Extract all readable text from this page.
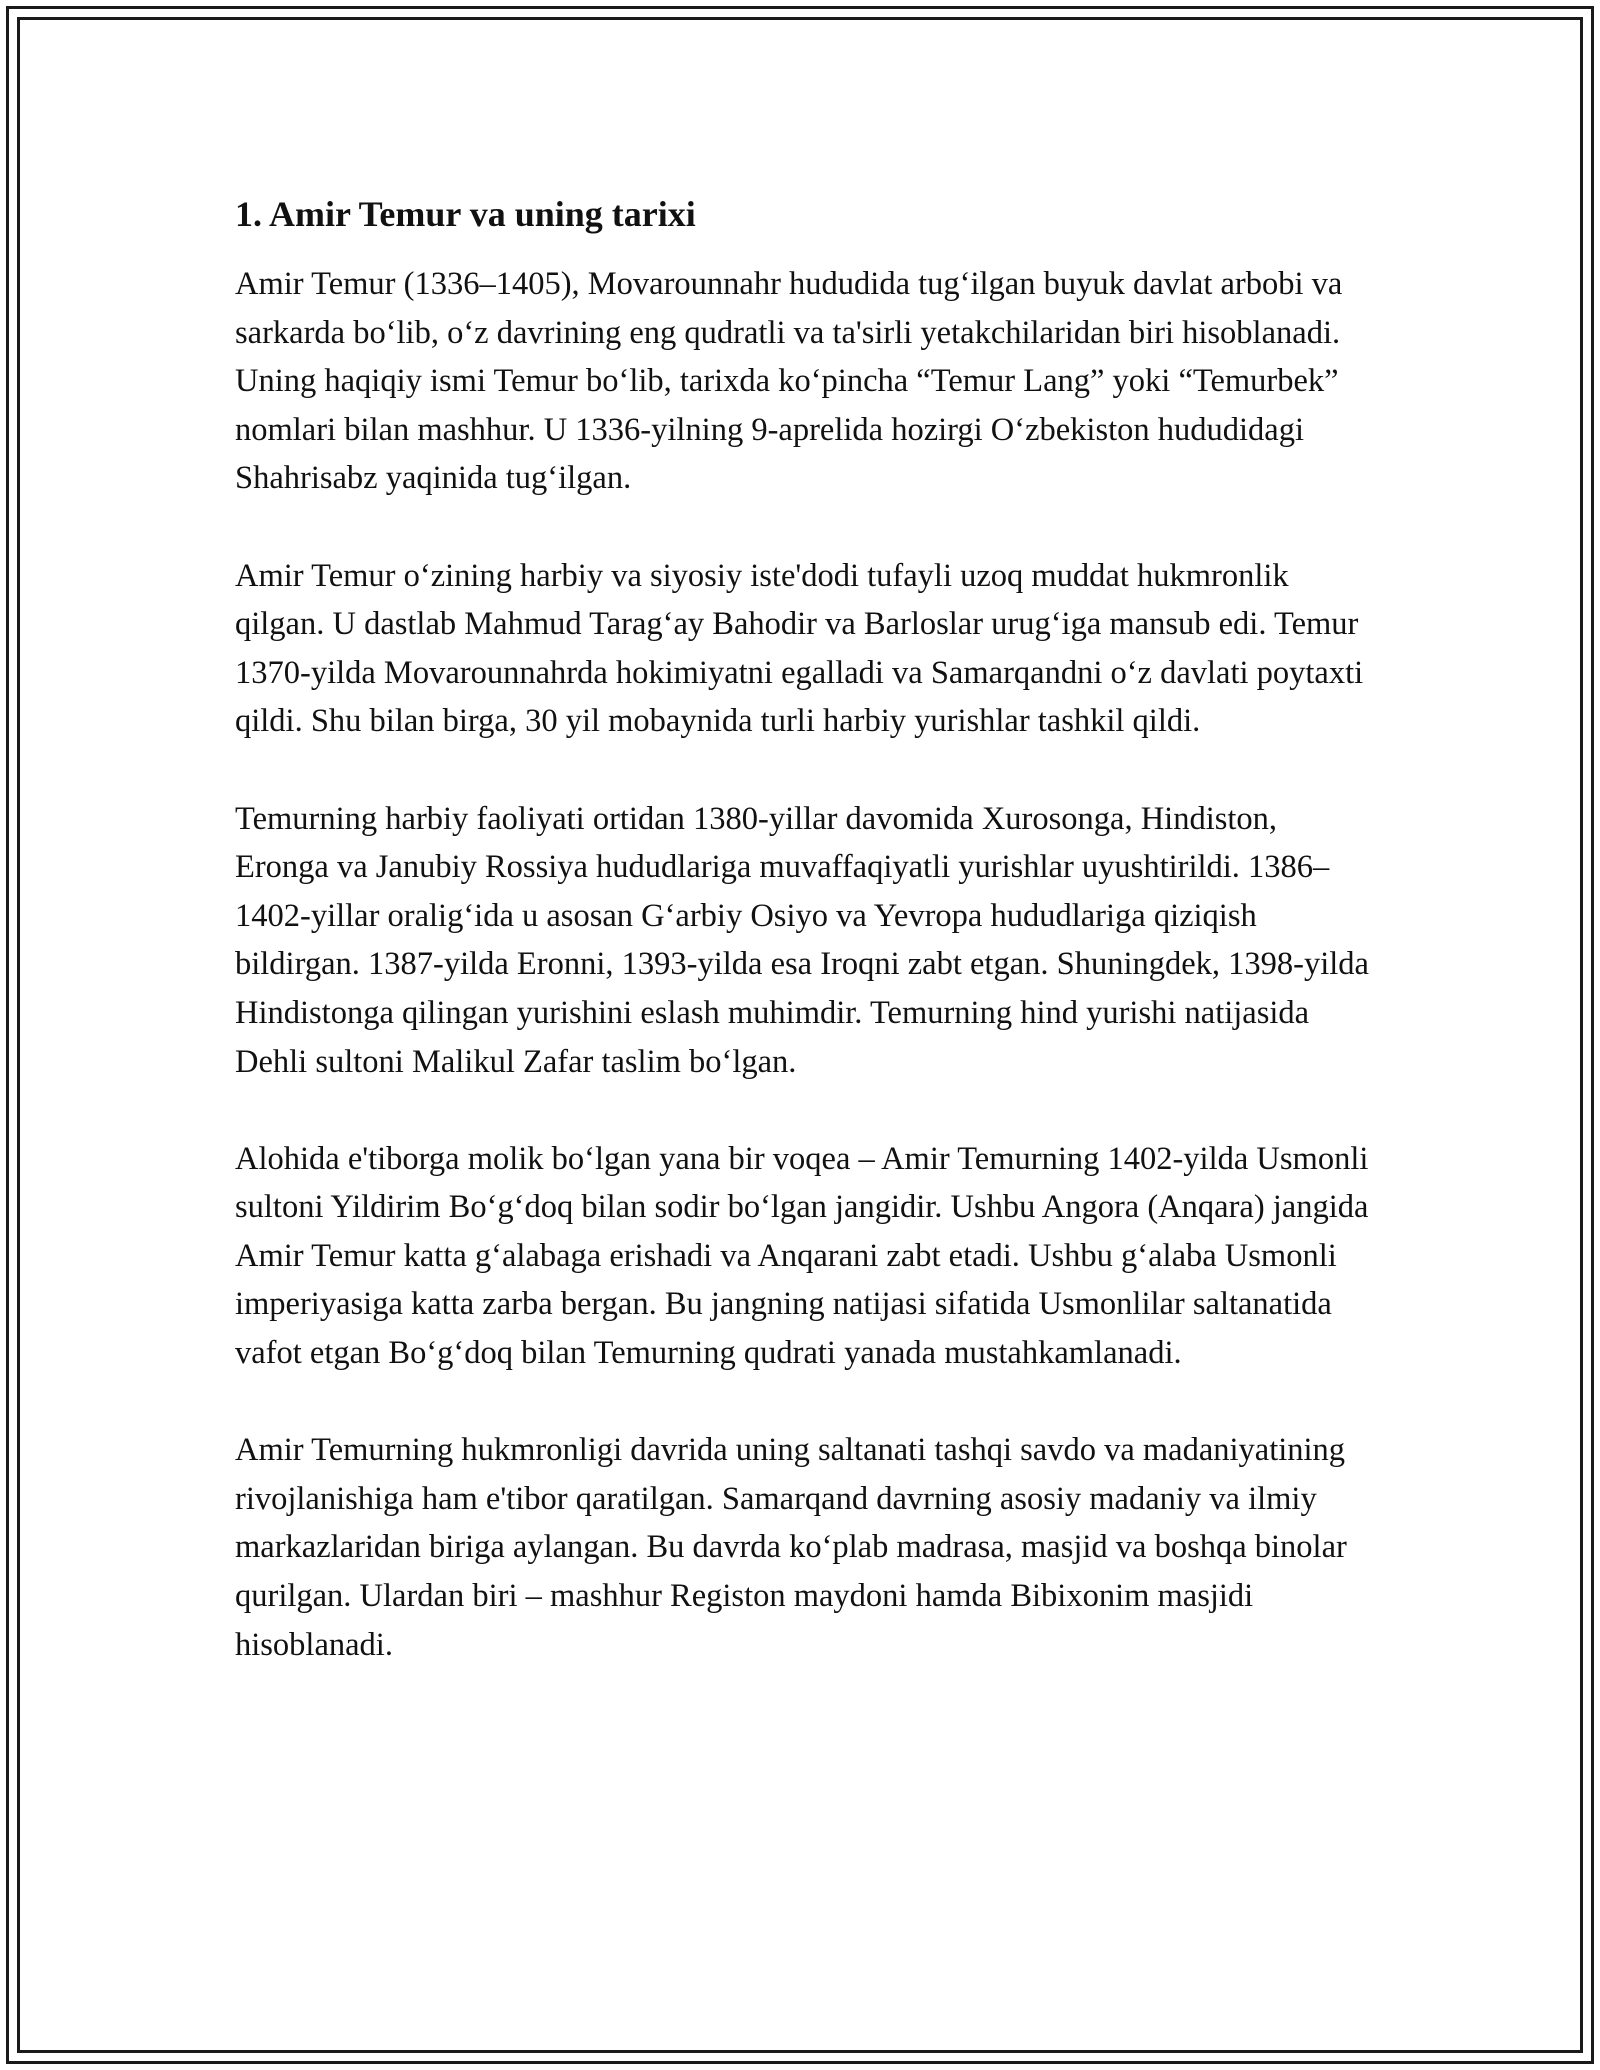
1. Amir Temur va uning tarixi

Amir Temur (1336–1405), Movarounnahr hududida tug‘ilgan buyuk davlat arbobi va sarkarda bo‘lib, o‘z davrining eng qudratli va ta'sirli yetakchilaridan biri hisoblanadi. Uning haqiqiy ismi Temur bo‘lib, tarixda ko‘pincha “Temur Lang” yoki “Temurbek” nomlari bilan mashhur. U 1336-yilning 9-aprelida hozirgi O‘zbekiston hududidagi Shahrisabz yaqinida tug‘ilgan.

Amir Temur o‘zining harbiy va siyosiy iste'dodi tufayli uzoq muddat hukmronlik qilgan. U dastlab Mahmud Tarag‘ay Bahodir va Barloslar urug‘iga mansub edi. Temur 1370-yilda Movarounnahrda hokimiyatni egalladi va Samarqandni o‘z davlati poytaxti qildi. Shu bilan birga, 30 yil mobaynida turli harbiy yurishlar tashkil qildi.

Temurning harbiy faoliyati ortidan 1380-yillar davomida Xurosonga, Hindiston, Eronga va Janubiy Rossiya hududlariga muvaffaqiyatli yurishlar uyushtirildi. 1386–1402-yillar oralig‘ida u asosan G‘arbiy Osiyo va Yevropa hududlariga qiziqish bildirgan. 1387-yilda Eronni, 1393-yilda esa Iroqni zabt etgan. Shuningdek, 1398-yilda Hindistonga qilingan yurishini eslash muhimdir. Temurning hind yurishi natijasida Dehli sultoni Malikul Zafar taslim bo‘lgan.

Alohida e'tiborga molik bo‘lgan yana bir voqea – Amir Temurning 1402-yilda Usmonli sultoni Yildirim Bo‘g‘doq bilan sodir bo‘lgan jangidir. Ushbu Angora (Anqara) jangida Amir Temur katta g‘alabaga erishadi va Anqarani zabt etadi. Ushbu g‘alaba Usmonli imperiyasiga katta zarba bergan. Bu jangning natijasi sifatida Usmonlilar saltanatida vafot etgan Bo‘g‘doq bilan Temurning qudrati yanada mustahkamlanadi.

Amir Temurning hukmronligi davrida uning saltanati tashqi savdo va madaniyatining rivojlanishiga ham e'tibor qaratilgan. Samarqand davrning asosiy madaniy va ilmiy markazlaridan biriga aylangan. Bu davrda ko‘plab madrasa, masjid va boshqa binolar qurilgan. Ulardan biri – mashhur Registon maydoni hamda Bibixonim masjidi hisoblanadi.
